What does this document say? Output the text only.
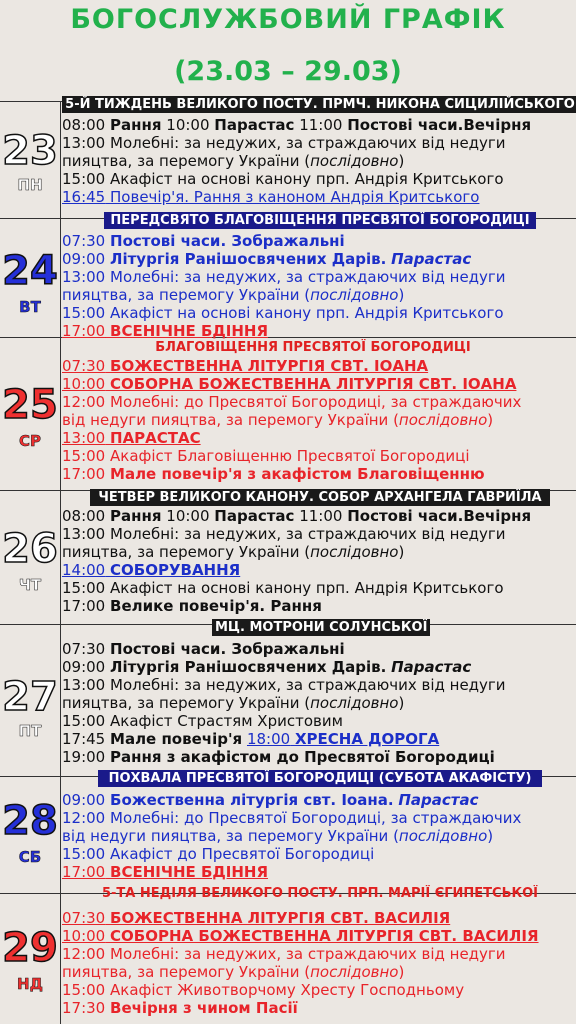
БОГОСЛУЖБОВИЙ ГРАФІК
(23.03 – 29.03)
5-Й ТИЖДЕНЬ ВЕЛИКОГО ПОСТУ. ПРМЧ. НИКОНА СИЦИЛІЙСЬКОГО
23
ПН
08:00 Рання 10:00 Парастас 11:00 Постові часи.Вечірня
13:00 Молебні: за недужих, за страждаючих від недуги
пияцтва, за перемогу України (послідовно)
15:00 Акафіст на основі канону прп. Андрія Критського
16:45 Повечір'я. Рання з каноном Андрія Критського
ПЕРЕДСВЯТО БЛАГОВІЩЕННЯ ПРЕСВЯТОЇ БОГОРОДИЦІ
24
ВТ
07:30 Постові часи. Зображальні
09:00 Літургія Ранішосвячених Дарів. Парастас
13:00 Молебні: за недужих, за страждаючих від недуги
пияцтва, за перемогу України (послідовно)
15:00 Акафіст на основі канону прп. Андрія Критського
17:00 ВСЕНІЧНЕ БДІННЯ
БЛАГОВІЩЕННЯ ПРЕСВЯТОЇ БОГОРОДИЦІ
25
СР
07:30 БОЖЕСТВЕННА ЛІТУРГІЯ СВТ. ІОАНА
10:00 СОБОРНА БОЖЕСТВЕННА ЛІТУРГІЯ СВТ. ІОАНА
12:00 Молебні: до Пресвятої Богородиці, за страждаючих
від недуги пияцтва, за перемогу України (послідовно)
13:00 ПАРАСТАС
15:00 Акафіст Благовіщенню Пресвятої Богородиці
17:00 Мале повечір'я з акафістом Благовіщенню
ЧЕТВЕР ВЕЛИКОГО КАНОНУ. СОБОР АРХАНГЕЛА ГАВРИЇЛА
26
ЧТ
08:00 Рання 10:00 Парастас 11:00 Постові часи.Вечірня
13:00 Молебні: за недужих, за страждаючих від недуги
пияцтва, за перемогу України (послідовно)
14:00 СОБОРУВАННЯ
15:00 Акафіст на основі канону прп. Андрія Критського
17:00 Велике повечір'я. Рання
МЦ. МОТРОНИ СОЛУНСЬКОЇ
27
ПТ
07:30 Постові часи. Зображальні
09:00 Літургія Ранішосвячених Дарів. Парастас
13:00 Молебні: за недужих, за страждаючих від недуги
пияцтва, за перемогу України (послідовно)
15:00 Акафіст Страстям Христовим
17:45 Мале повечір'я 18:00 ХРЕСНА ДОРОГА
19:00 Рання з акафістом до Пресвятої Богородиці
ПОХВАЛА ПРЕСВЯТОЇ БОГОРОДИЦІ (СУБОТА АКАФІСТУ)
28
СБ
09:00 Божественна літургія свт. Іоана. Парастас
12:00 Молебні: до Пресвятої Богородиці, за страждаючих
від недуги пияцтва, за перемогу України (послідовно)
15:00 Акафіст до Пресвятої Богородиці
17:00 ВСЕНІЧНЕ БДІННЯ
5-ТА НЕДІЛЯ ВЕЛИКОГО ПОСТУ. ПРП. МАРІЇ ЄГИПЕТСЬКОЇ
29
НД
07:30 БОЖЕСТВЕННА ЛІТУРГІЯ СВТ. ВАСИЛІЯ
10:00 СОБОРНА БОЖЕСТВЕННА ЛІТУРГІЯ СВТ. ВАСИЛІЯ
12:00 Молебні: за недужих, за страждаючих від недуги
пияцтва, за перемогу України (послідовно)
15:00 Акафіст Животворчому Хресту Господньому
17:30 Вечірня з чином Пасії
